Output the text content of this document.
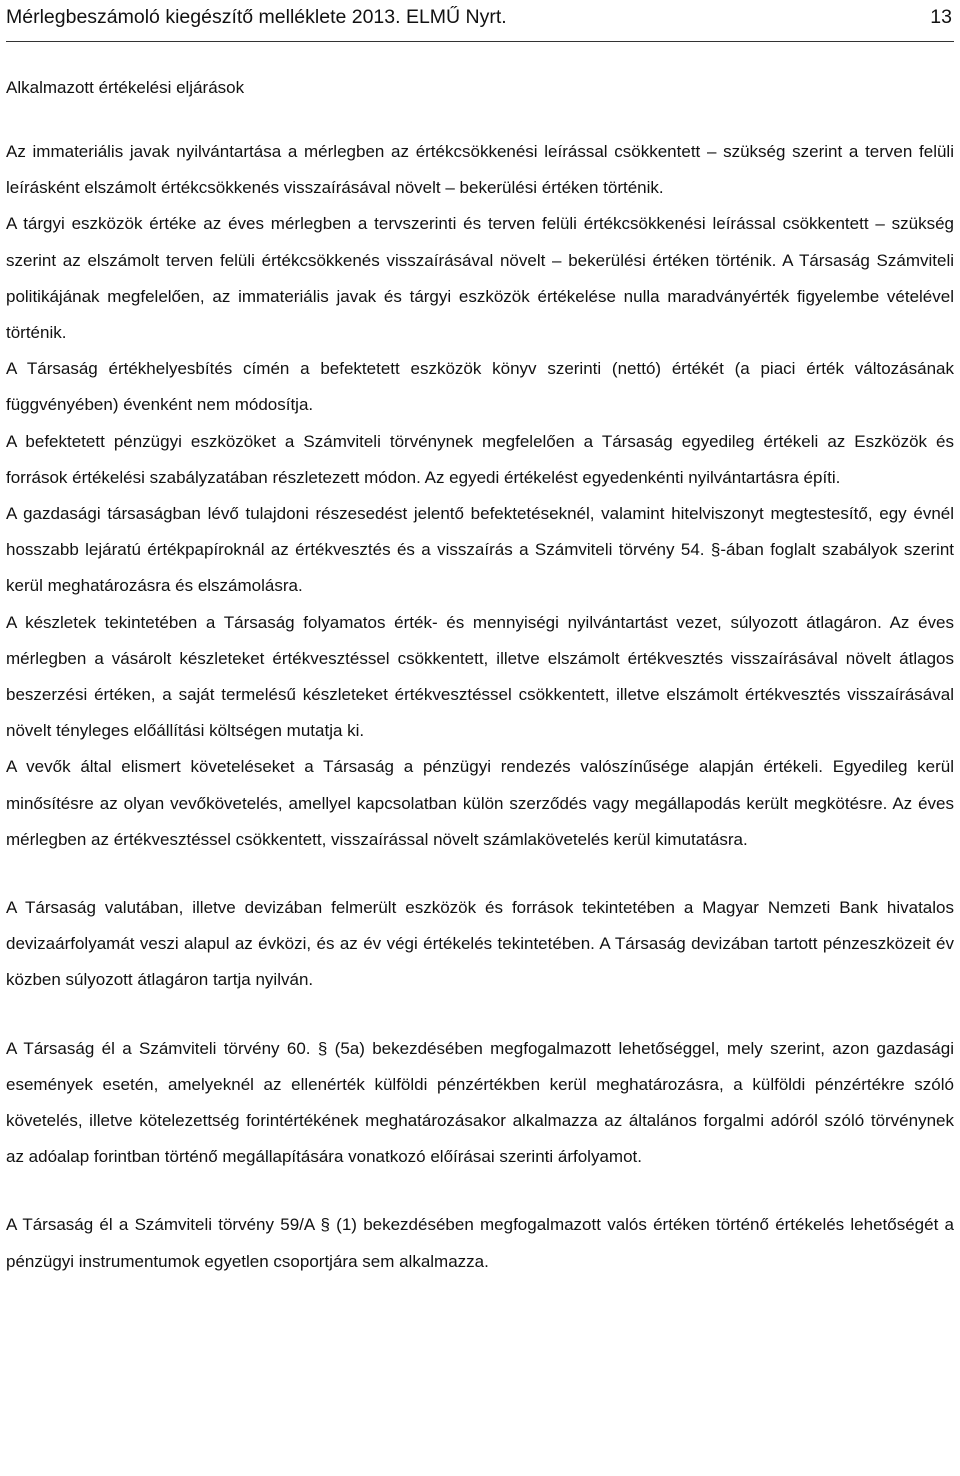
Mérlegbeszámoló kiegészítő melléklete 2013. ELMŰ Nyrt.	13
Alkalmazott értékelési eljárások

Az immateriális javak nyilvántartása a mérlegben az értékcsökkenési leírással csökkentett – szükség szerint a terven felüli leírásként elszámolt értékcsökkenés visszaírásával növelt – bekerülési értéken történik.

A tárgyi eszközök értéke az éves mérlegben a tervszerinti és terven felüli értékcsökkenési leírással csökkentett – szükség szerint az elszámolt terven felüli értékcsökkenés visszaírásával növelt – bekerülési értéken történik. A Társaság Számviteli politikájának megfelelően, az immateriális javak és tárgyi eszközök értékelése nulla maradványérték figyelembe vételével történik.

A Társaság értékhelyesbítés címén a befektetett eszközök könyv szerinti (nettó) értékét (a piaci érték változásának függvényében) évenként nem módosítja.

A befektetett pénzügyi eszközöket a Számviteli törvénynek megfelelően a Társaság egyedileg értékeli az Eszközök és források értékelési szabályzatában részletezett módon. Az egyedi értékelést egyedenkénti nyilvántartásra építi.

A gazdasági társaságban lévő tulajdoni részesedést jelentő befektetéseknél, valamint hitelviszonyt megtestesítő, egy évnél hosszabb lejáratú értékpapíroknál az értékvesztés és a visszaírás a Számviteli törvény 54. §-ában foglalt szabályok szerint kerül meghatározásra és elszámolásra.

A készletek tekintetében a Társaság folyamatos érték- és mennyiségi nyilvántartást vezet, súlyozott átlagáron. Az éves mérlegben a vásárolt készleteket értékvesztéssel csökkentett, illetve elszámolt értékvesztés visszaírásával növelt átlagos beszerzési értéken, a saját termelésű készleteket értékvesztéssel csökkentett, illetve elszámolt értékvesztés visszaírásával növelt tényleges előállítási költségen mutatja ki.

A vevők által elismert követeléseket a Társaság a pénzügyi rendezés valószínűsége alapján értékeli. Egyedileg kerül minősítésre az olyan vevőkövetelés, amellyel kapcsolatban külön szerződés vagy megállapodás került megkötésre. Az éves mérlegben az értékvesztéssel csökkentett, visszaírással növelt számlakövetelés kerül kimutatásra.

A Társaság valutában, illetve devizában felmerült eszközök és források tekintetében a Magyar Nemzeti Bank hivatalos devizaárfolyamát veszi alapul az évközi, és az év végi értékelés tekintetében. A Társaság devizában tartott pénzeszközeit év közben súlyozott átlagáron tartja nyilván.

A Társaság él a Számviteli törvény 60. § (5a) bekezdésében megfogalmazott lehetőséggel, mely szerint, azon gazdasági események esetén, amelyeknél az ellenérték külföldi pénzértékben kerül meghatározásra, a külföldi pénzértékre szóló követelés, illetve kötelezettség forintértékének meghatározásakor alkalmazza az általános forgalmi adóról szóló törvénynek az adóalap forintban történő megállapítására vonatkozó előírásai szerinti árfolyamot.

A Társaság él a Számviteli törvény 59/A § (1) bekezdésében megfogalmazott valós értéken történő értékelés lehetőségét a pénzügyi instrumentumok egyetlen csoportjára sem alkalmazza.
